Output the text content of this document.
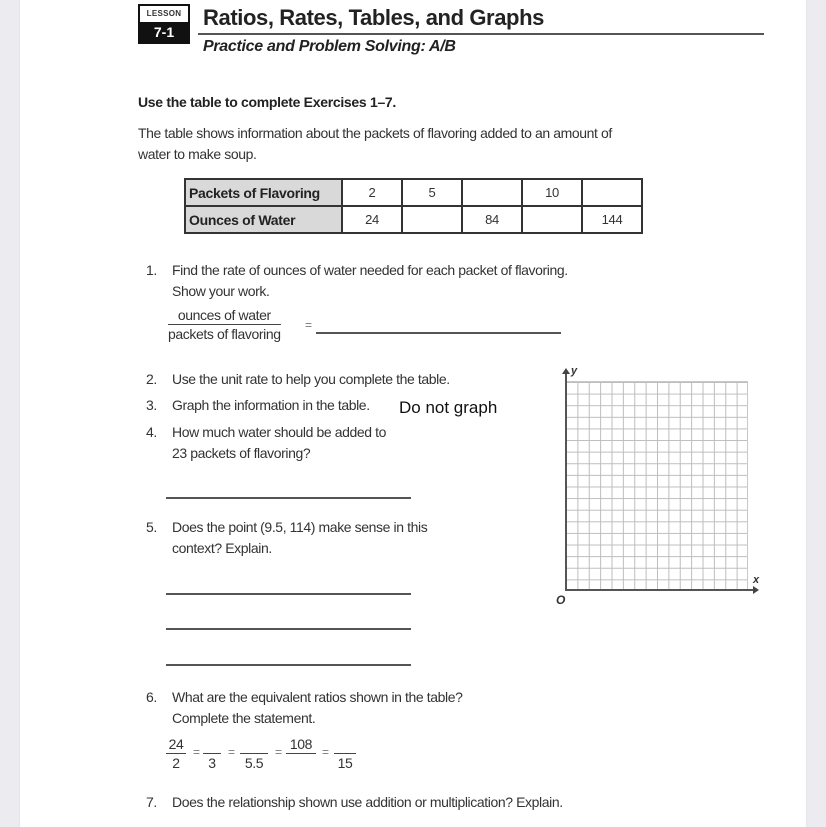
LESSON
7-1
Ratios, Rates, Tables, and Graphs
Practice and Problem Solving: A/B
Use the table to complete Exercises 1–7.
The table shows information about the packets of flavoring added to an amount of water to make soup.
Packets of Flavoring	2	5		10	
Ounces of Water	24		84		144
1. Find the rate of ounces of water needed for each packet of flavoring.
Show your work.
ounces of water
packets of flavoring
=
2. Use the unit rate to help you complete the table.
3. Graph the information in the table. Do not graph
4. How much water should be added to
23 packets of flavoring?
5. Does the point (9.5, 114) make sense in this
context? Explain.
y
x
O
6. What are the equivalent ratios shown in the table?
Complete the statement.
$\frac{24}{2}$ =
3
=
5.5
= 108 =
15
7. Does the relationship shown use addition or multiplication? Explain.
